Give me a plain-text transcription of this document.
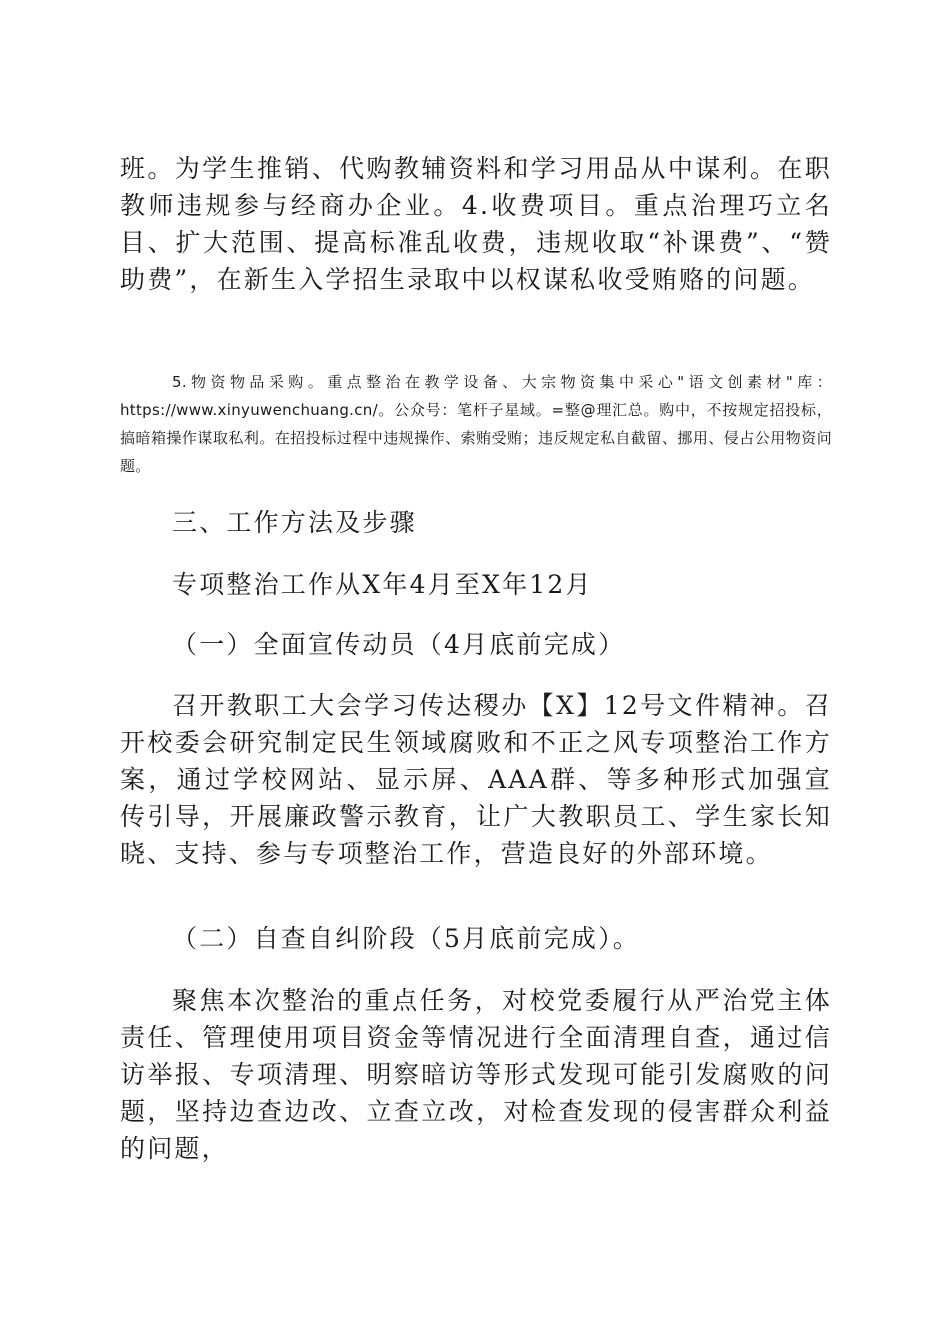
班。为学生推销、代购教辅资料和学习用品从中谋利。在职教师违规参与经商办企业。4.收费项目。重点治理巧立名目、扩大范围、提高标准乱收费，违规收取“补课费”、“赞助费”，在新生入学招生录取中以权谋私收受贿赂的问题。

5.物资物品采购。重点整治在教学设备、大宗物资集中采心"语文创素材"库：https://www.xinyuwenchuang.cn/。公众号：笔杆子星域。=整@理汇总。购中，不按规定招投标，搞暗箱操作谋取私利。在招投标过程中违规操作、索贿受贿；违反规定私自截留、挪用、侵占公用物资问题。

三、工作方法及步骤

专项整治工作从X年4月至X年12月

（一）全面宣传动员（4月底前完成）

召开教职工大会学习传达稷办【X】12号文件精神。召开校委会研究制定民生领域腐败和不正之风专项整治工作方案，通过学校网站、显示屏、AAA群、等多种形式加强宣传引导，开展廉政警示教育，让广大教职员工、学生家长知晓、支持、参与专项整治工作，营造良好的外部环境。

（二）自查自纠阶段（5月底前完成）。

聚焦本次整治的重点任务，对校党委履行从严治党主体责任、管理使用项目资金等情况进行全面清理自查，通过信访举报、专项清理、明察暗访等形式发现可能引发腐败的问题，坚持边查边改、立查立改，对检查发现的侵害群众利益的问题，
